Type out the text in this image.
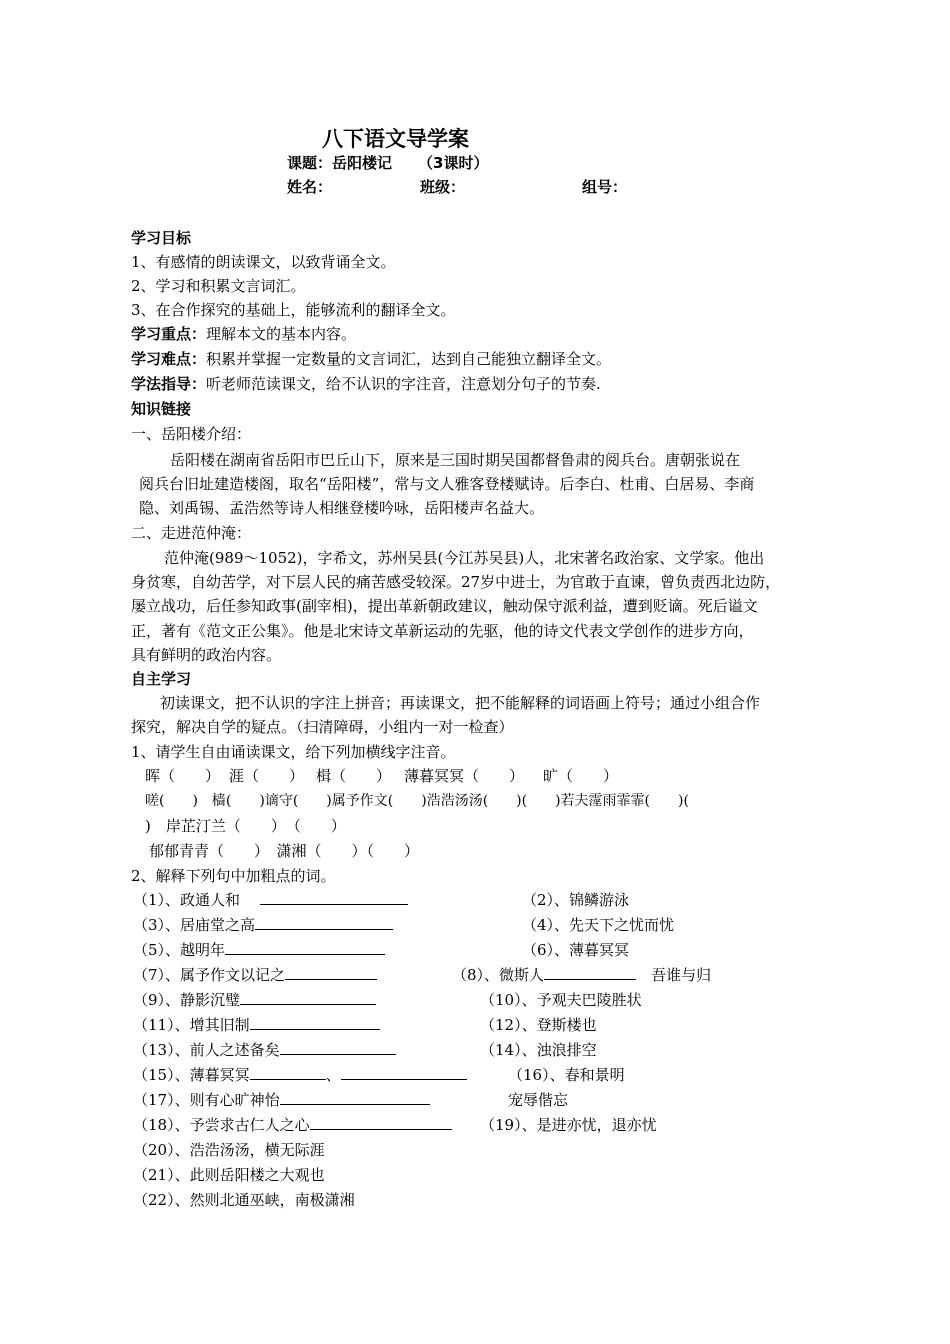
八下语文导学案
课题：岳阳楼记 （3课时）
姓名：	班级：	组号：
学习目标
1、有感情的朗读课文，以致背诵全文。
2、学习和积累文言词汇。
3、在合作探究的基础上，能够流利的翻译全文。
学习重点：理解本文的基本内容。
学习难点：积累并掌握一定数量的文言词汇，达到自己能独立翻译全文。
学法指导：听老师范读课文，给不认识的字注音，注意划分句子的节奏.
知识链接
一、岳阳楼介绍：
岳阳楼在湖南省岳阳市巴丘山下，原来是三国时期吴国都督鲁肃的阅兵台。唐朝张说在
阅兵台旧址建造楼阁，取名“岳阳楼”，常与文人雅客登楼赋诗。后李白、杜甫、白居易、李商
隐、刘禹锡、孟浩然等诗人相继登楼吟咏，岳阳楼声名益大。
二、走进范仲淹：
范仲淹(989～1052)，字希文，苏州吴县(今江苏吴县)人，北宋著名政治家、文学家。他出
身贫寒，自幼苦学，对下层人民的痛苦感受较深。27岁中进士，为官敢于直谏，曾负责西北边防，
屡立战功，后任参知政事(副宰相)，提出革新朝政建议，触动保守派利益，遭到贬谪。死后谥文
正，著有《范文正公集》。他是北宋诗文革新运动的先驱，他的诗文代表文学创作的进步方向，
具有鲜明的政治内容。
自主学习
初读课文，把不认识的字注上拼音；再读课文，把不能解释的词语画上符号；通过小组合作
探究，解决自学的疑点。（扫清障碍，小组内一对一检查）
1、请学生自由诵读课文，给下列加横线字注音。
晖（　　） 涯（　　） 楫（　　） 薄暮冥冥（　　） 旷（　　）
嗟(　　)　樯(　　)谪守(　　)属予作文(　　)浩浩汤汤(　　)(　　)若夫霪雨霏霏(　　)(
)　岸芷汀兰（　　）　（　　）
郁郁青青（　　）　潇湘（　　）（　　）
2、解释下列句中加粗点的词。
（1）、政通人和　	（2）、锦鳞游泳
（3）、居庙堂之高	（4）、先天下之忧而忧
（5）、越明年	（6）、薄暮冥冥
（7）、属予作文以记之	（8）、微斯人　	吾谁与归
（9）、静影沉璧	（10）、予观夫巴陵胜状
（11）、增其旧制	（12）、登斯楼也
（13）、前人之述备矣	（14）、浊浪排空
（15）、薄暮冥冥	、	（16）、春和景明
（17）、则有心旷神怡	宠辱偕忘
（18）、予尝求古仁人之心	（19）、是进亦忧，退亦忧
（20）、浩浩汤汤，横无际涯
（21）、此则岳阳楼之大观也
（22）、然则北通巫峡，南极潇湘
